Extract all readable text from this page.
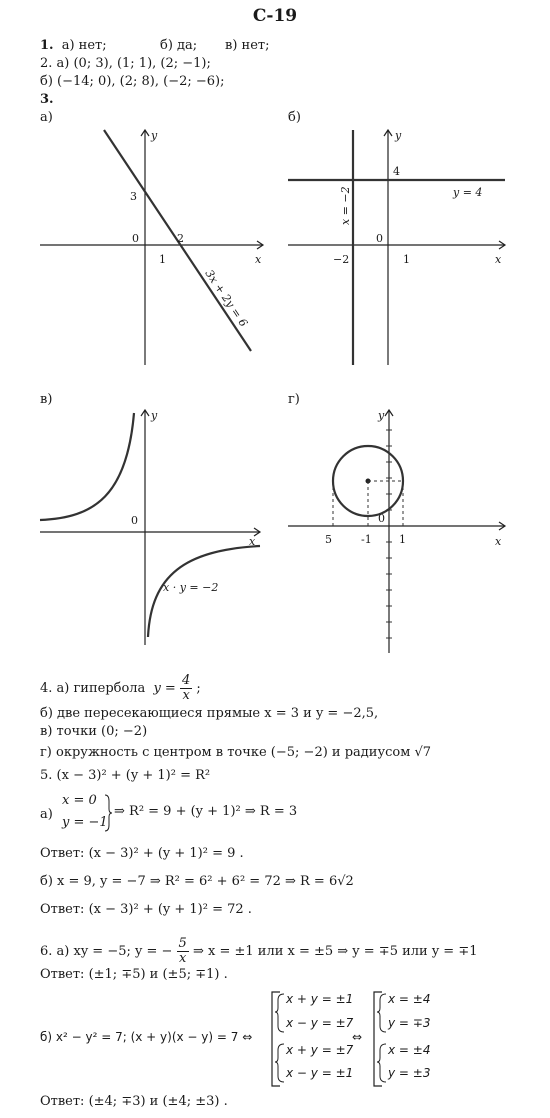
С-19
1. а) нет;	б) да; в) нет;
2. а) (0; 3), (1; 1), (2; −1);
б) (−14; 0), (2; 8), (−2; −6);
3.
а)	б)
в)	г)
y
x
0
3
1
2
3x + 2y = 6
y
x
0
4
1
−2
y = 4
x = −2
y
x
0
x · y = −2
y
x
0
5	-1 1
4. а) гипербола $y = \frac{4}{x}$ ;
б) две пересекающиеся прямые x = 3 и y = −2,5,
в) точки (0; −2)
г) окружность с центром в точке (−5; −2) и радиусом √7
5. (x − 3)² + (y + 1)² = R²
а)
x = 0
y = −1
⇒ R² = 9 + (y + 1)² ⇒ R = 3
Ответ: (x − 3)² + (y + 1)² = 9 .
б) x = 9, y = −7 ⇒ R² = 6² + 6² = 72 ⇒ R = 6√2
Ответ: (x − 3)² + (y + 1)² = 72 .
6. а) xy = −5; y = − $\frac{5}{x}$ ⇒ x = ±1 или x = ±5 ⇒ y = ∓5 или y = ∓1
Ответ: (±1; ∓5) и (±5; ∓1) .
б) x² − y² = 7; (x + y)(x − y) = 7 ⇔
x + y = ±1
x − y = ±7
x + y = ±7
x − y = ±1
⇔
x = ±4
y = ∓3
x = ±4
y = ±3
Ответ: (±4; ∓3) и (±4; ±3) .
